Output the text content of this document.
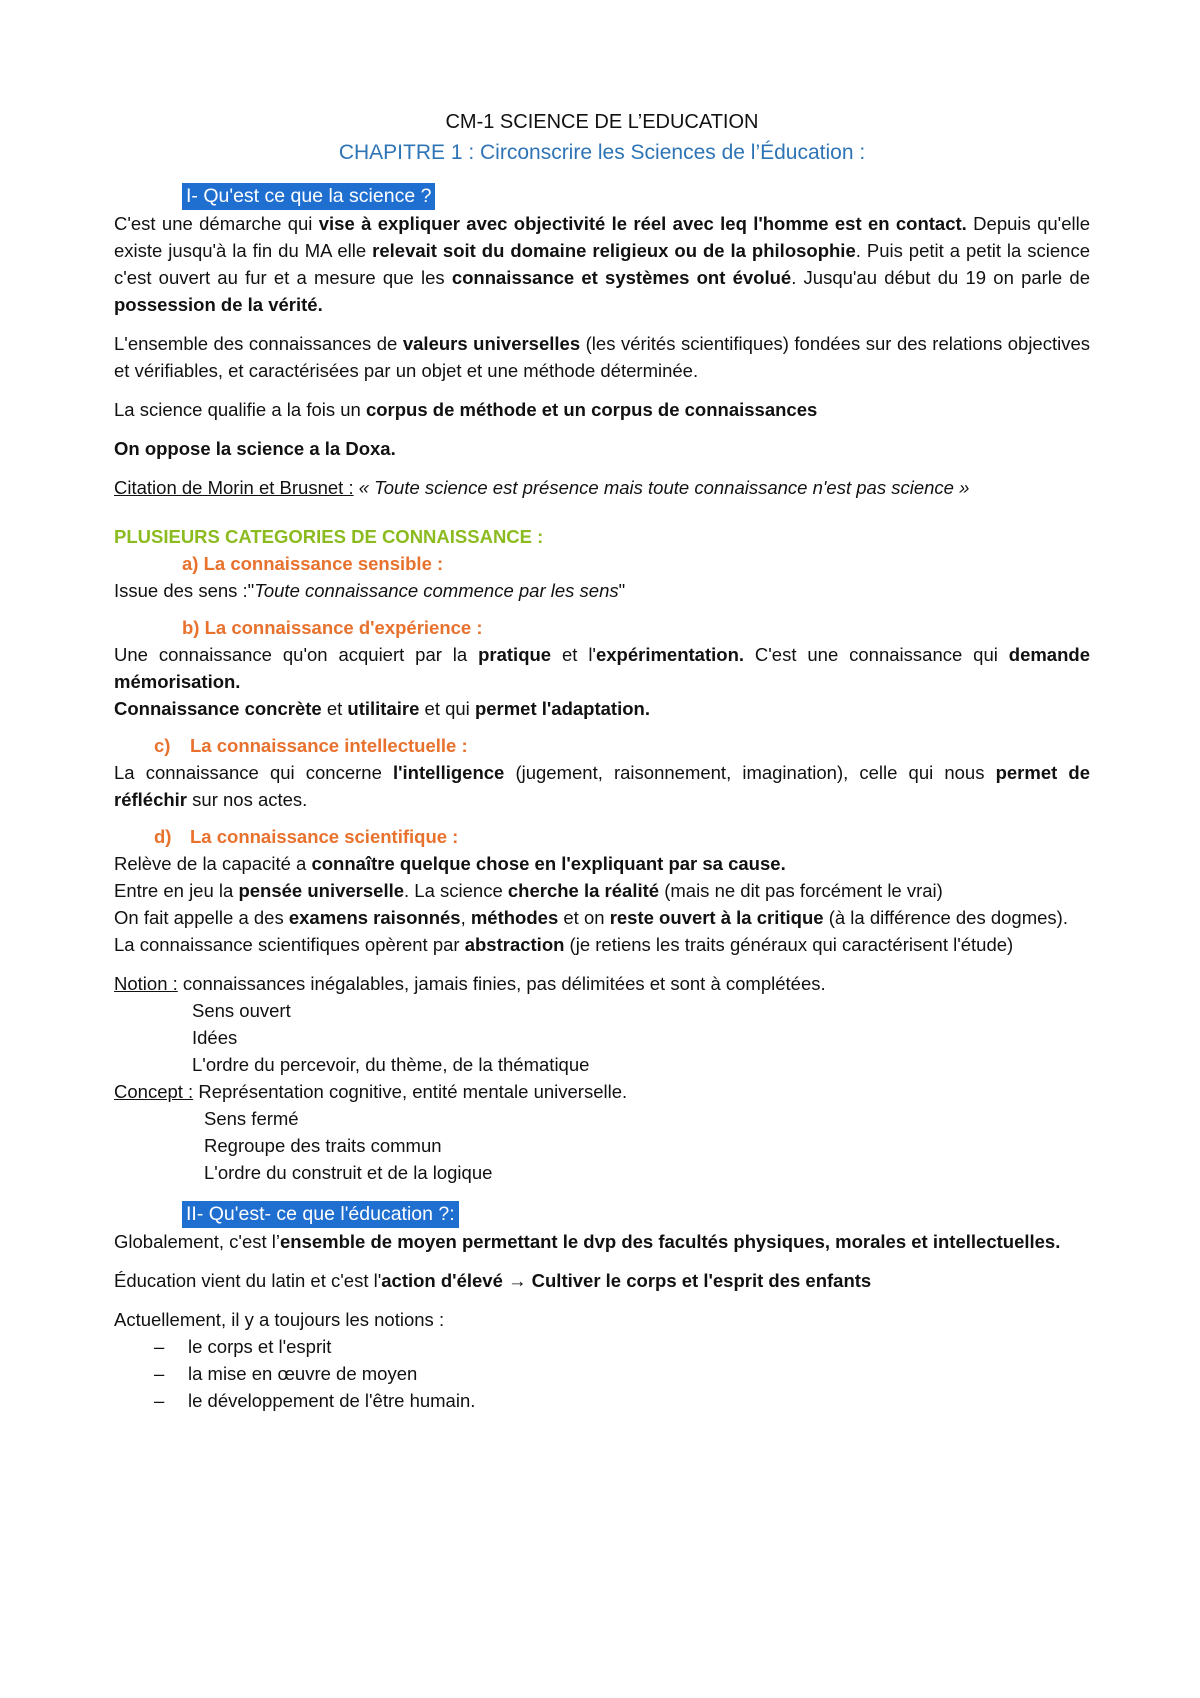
CM-1 SCIENCE DE L’EDUCATION

CHAPITRE 1 : Circonscrire les Sciences de l’Éducation :

I- Qu'est ce que la science ?

C'est une démarche qui vise à expliquer avec objectivité le réel avec leq l'homme est en contact. Depuis qu'elle existe jusqu'à la fin du MA elle relevait soit du domaine religieux ou de la philosophie. Puis petit a petit la science c'est ouvert au fur et a mesure que les connaissance et systèmes ont évolué. Jusqu'au début du 19 on parle de possession de la vérité.

L'ensemble des connaissances de valeurs universelles (les vérités scientifiques) fondées sur des relations objectives et vérifiables, et caractérisées par un objet et une méthode déterminée.

La science qualifie a la fois un corpus de méthode et un corpus de connaissances

On oppose la science a la Doxa.

Citation de Morin et Brusnet : « Toute science est présence mais toute connaissance n'est pas science »

PLUSIEURS CATEGORIES DE CONNAISSANCE :

a) La connaissance sensible :

Issue des sens :"Toute connaissance commence par les sens"

b) La connaissance d'expérience :

Une connaissance qu'on acquiert par la pratique et l'expérimentation. C'est une connaissance qui demande mémorisation.

Connaissance concrète et utilitaire et qui permet l'adaptation.

c) La connaissance intellectuelle :

La connaissance qui concerne l'intelligence (jugement, raisonnement, imagination), celle qui nous permet de réfléchir sur nos actes.

d) La connaissance scientifique :

Relève de la capacité a connaître quelque chose en l'expliquant par sa cause.

Entre en jeu la pensée universelle. La science cherche la réalité (mais ne dit pas forcément le vrai)

On fait appelle a des examens raisonnés, méthodes et on reste ouvert à la critique (à la différence des dogmes).

La connaissance scientifiques opèrent par abstraction (je retiens les traits généraux qui caractérisent l'étude)

Notion : connaissances inégalables, jamais finies, pas délimitées et sont à complétées.

Sens ouvert

Idées

L'ordre du percevoir, du thème, de la thématique

Concept : Représentation cognitive, entité mentale universelle.

Sens fermé

Regroupe des traits commun

L'ordre du construit et de la logique

II- Qu'est- ce que l'éducation ?:

Globalement, c'est l’ensemble de moyen permettant le dvp des facultés physiques, morales et intellectuelles.

Éducation vient du latin et c'est l'action d'élevé → Cultiver le corps et l'esprit des enfants

Actuellement, il y a toujours les notions :

– le corps et l'esprit
– la mise en œuvre de moyen
– le développement de l'être humain.
